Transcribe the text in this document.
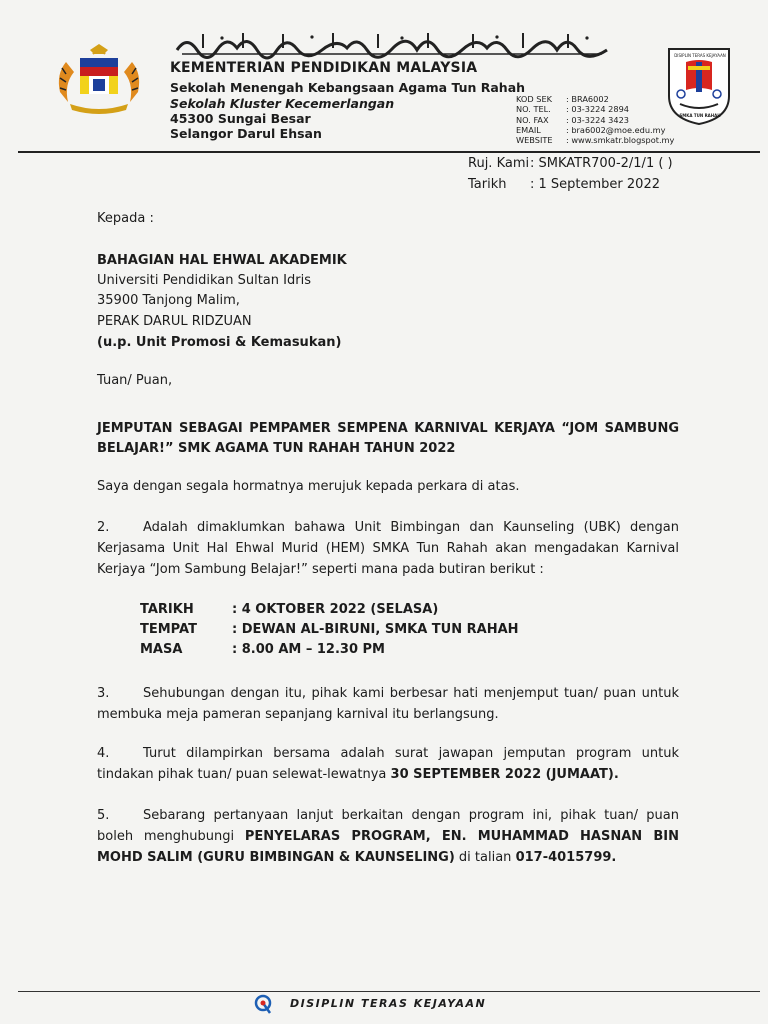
DISIPLIN TERAS KEJAYAAN
SMKA TUN RAHAH
KEMENTERIAN PENDIDIKAN MALAYSIA
Sekolah Menengah Kebangsaan Agama Tun Rahah
Sekolah Kluster Kecemerlangan
45300 Sungai Besar
Selangor Darul Ehsan
KOD SEK	: BRA6002
NO. TEL.	: 03-3224 2894
NO. FAX	: 03-3224 3423
EMAIL	: bra6002@moe.edu.my
WEBSITE	: www.smkatr.blogspot.my
Ruj. Kami: SMKATR700-2/1/1 ( )
Tarikh : 1 September 2022
Kepada :
BAHAGIAN HAL EHWAL AKADEMIK
Universiti Pendidikan Sultan Idris
35900 Tanjong Malim,
PERAK DARUL RIDZUAN
(u.p. Unit Promosi & Kemasukan)
Tuan/ Puan,
JEMPUTAN SEBAGAI PEMPAMER SEMPENA KARNIVAL KERJAYA “JOM SAMBUNG BELAJAR!” SMK AGAMA TUN RAHAH TAHUN 2022
Saya dengan segala hormatnya merujuk kepada perkara di atas.
2.	Adalah dimaklumkan bahawa Unit Bimbingan dan Kaunseling (UBK) dengan Kerjasama Unit Hal Ehwal Murid (HEM) SMKA Tun Rahah akan mengadakan Karnival Kerjaya “Jom Sambung Belajar!” seperti mana pada butiran berikut :
TARIKH	: 4 OKTOBER 2022 (SELASA)
TEMPAT	: DEWAN AL-BIRUNI, SMKA TUN RAHAH
MASA	: 8.00 AM – 12.30 PM
3.	Sehubungan dengan itu, pihak kami berbesar hati menjemput tuan/ puan untuk membuka meja pameran sepanjang karnival itu berlangsung.
4.	Turut dilampirkan bersama adalah surat jawapan jemputan program untuk tindakan pihak tuan/ puan selewat-lewatnya 30 SEPTEMBER 2022 (JUMAAT).
5.	Sebarang pertanyaan lanjut berkaitan dengan program ini, pihak tuan/ puan boleh menghubungi PENYELARAS PROGRAM, EN. MUHAMMAD HASNAN BIN MOHD SALIM (GURU BIMBINGAN & KAUNSELING) di talian 017-4015799.
DISIPLIN TERAS KEJAYAAN
